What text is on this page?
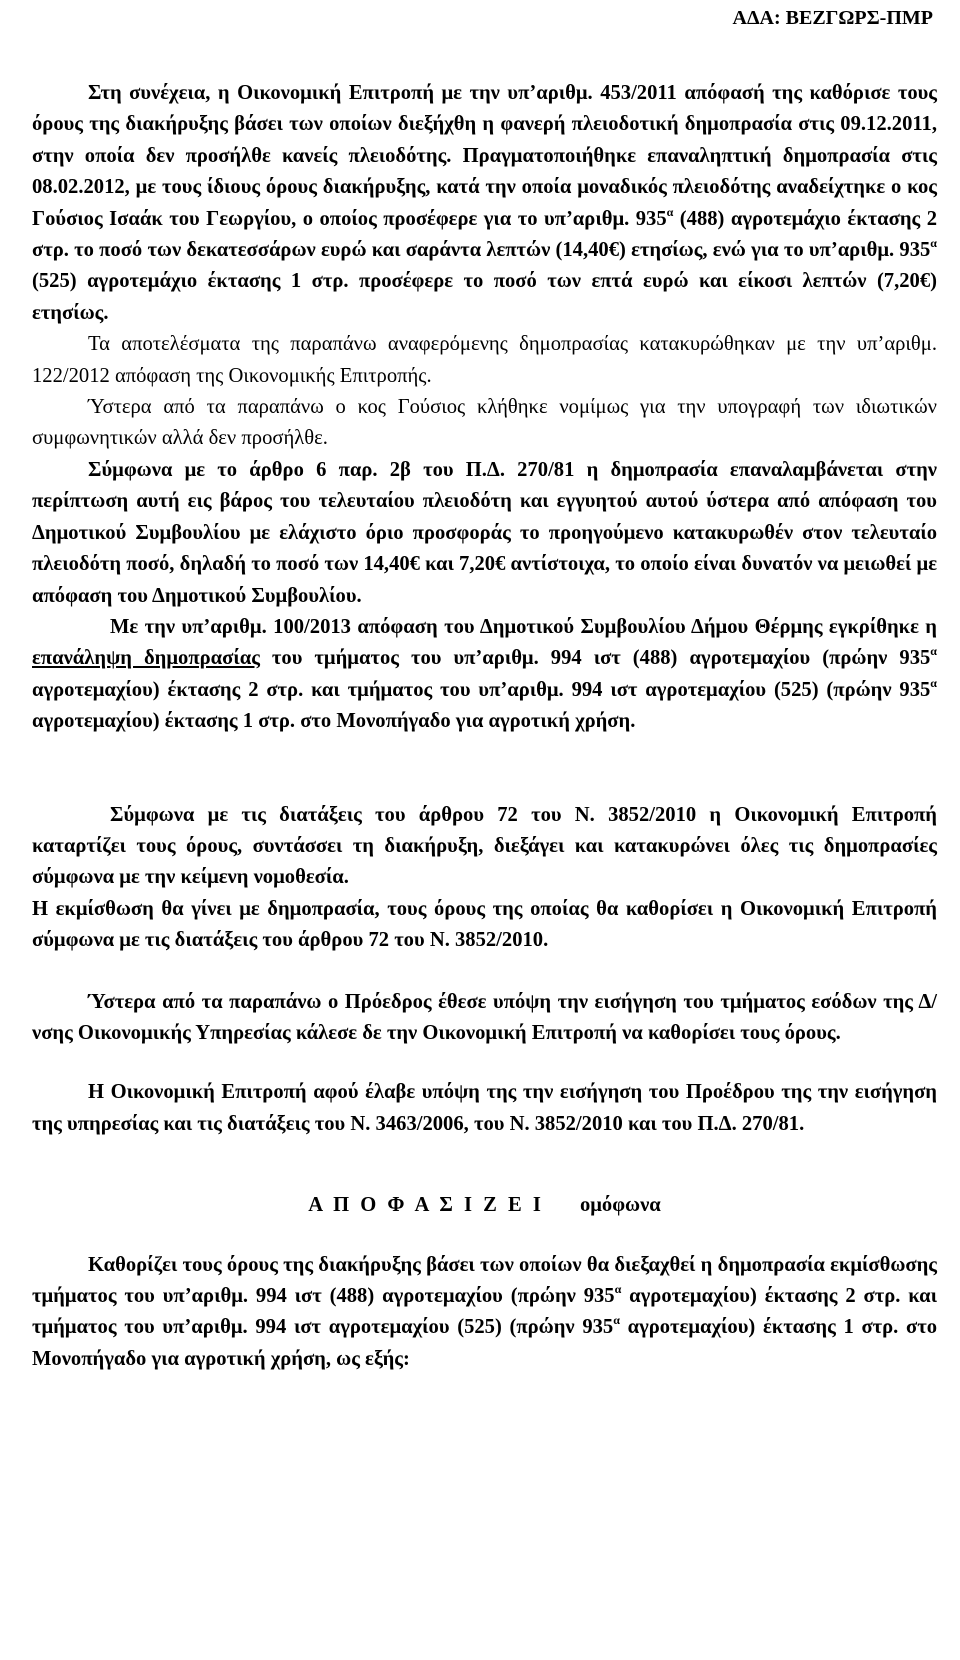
ΑΔΑ: ΒΕΖΓΩΡΣ-ΠΜΡ

Στη συνέχεια, η Οικονομική Επιτροπή με την υπ’αριθμ. 453/2011 απόφασή της καθόρισε τους όρους της διακήρυξης βάσει των οποίων διεξήχθη η φανερή πλειοδοτική δημοπρασία στις 09.12.2011, στην οποία δεν προσήλθε κανείς πλειοδότης. Πραγματοποιήθηκε επαναληπτική δημοπρασία στις 08.02.2012, με τους ίδιους όρους διακήρυξης, κατά την οποία μοναδικός πλειοδότης αναδείχτηκε ο κος Γούσιος Ισαάκ του Γεωργίου, ο οποίος προσέφερε για το υπ’αριθμ. $935^\alpha$ (488) αγροτεμάχιο έκτασης 2 στρ. το ποσό των δεκατεσσάρων ευρώ και σαράντα λεπτών (14,40€) ετησίως, ενώ για το υπ’αριθμ. $935^\alpha$ (525) αγροτεμάχιο έκτασης 1 στρ. προσέφερε το ποσό των επτά ευρώ και είκοσι λεπτών (7,20€) ετησίως.

Τα αποτελέσματα της παραπάνω αναφερόμενης δημοπρασίας κατακυρώθηκαν με την υπ’αριθμ. 122/2012 απόφαση της Οικονομικής Επιτροπής.

Ύστερα από τα παραπάνω ο κος Γούσιος κλήθηκε νομίμως για την υπογραφή των ιδιωτικών συμφωνητικών αλλά δεν προσήλθε.

Σύμφωνα με το άρθρο 6 παρ. 2β του Π.Δ. 270/81 η δημοπρασία επαναλαμβάνεται στην περίπτωση αυτή εις βάρος του τελευταίου πλειοδότη και εγγυητού αυτού ύστερα από απόφαση του Δημοτικού Συμβουλίου με ελάχιστο όριο προσφοράς το προηγούμενο κατακυρωθέν στον τελευταίο πλειοδότη ποσό, δηλαδή το ποσό των 14,40€ και 7,20€ αντίστοιχα, το οποίο είναι δυνατόν να μειωθεί με απόφαση του Δημοτικού Συμβουλίου.

Με την υπ’αριθμ. 100/2013 απόφαση του Δημοτικού Συμβουλίου Δήμου Θέρμης εγκρίθηκε η επανάληψη δημοπρασίας του τμήματος του υπ’αριθμ. 994 ιστ (488) αγροτεμαχίου (πρώην $935^\alpha$ αγροτεμαχίου) έκτασης 2 στρ. και τμήματος του υπ’αριθμ. 994 ιστ αγροτεμαχίου (525) (πρώην $935^\alpha$ αγροτεμαχίου) έκτασης 1 στρ. στο Μονοπήγαδο για αγροτική χρήση.

Σύμφωνα με τις διατάξεις του άρθρου 72 του Ν. 3852/2010 η Οικονομική Επιτροπή καταρτίζει τους όρους, συντάσσει τη διακήρυξη, διεξάγει και κατακυρώνει όλες τις δημοπρασίες σύμφωνα με την κείμενη νομοθεσία.

Η εκμίσθωση θα γίνει με δημοπρασία, τους όρους της οποίας θα καθορίσει η Οικονομική Επιτροπή σύμφωνα με τις διατάξεις του άρθρου 72 του Ν. 3852/2010.

Ύστερα από τα παραπάνω ο Πρόεδρος έθεσε υπόψη την εισήγηση του τμήματος εσόδων της Δ/νσης Οικονομικής Υπηρεσίας κάλεσε δε την Οικονομική Επιτροπή να καθορίσει τους όρους.

Η Οικονομική Επιτροπή αφού έλαβε υπόψη της την εισήγηση του Προέδρου της την εισήγηση της υπηρεσίας και τις διατάξεις του Ν. 3463/2006, του Ν. 3852/2010 και του Π.Δ. 270/81.

Α Π Ο Φ Α Σ Ι Ζ Ε Ι ομόφωνα

Καθορίζει τους όρους της διακήρυξης βάσει των οποίων θα διεξαχθεί η δημοπρασία εκμίσθωσης τμήματος του υπ’αριθμ. 994 ιστ (488) αγροτεμαχίου (πρώην $935^\alpha$ αγροτεμαχίου) έκτασης 2 στρ. και τμήματος του υπ’αριθμ. 994 ιστ αγροτεμαχίου (525) (πρώην $935^\alpha$ αγροτεμαχίου) έκτασης 1 στρ. στο Μονοπήγαδο για αγροτική χρήση, ως εξής:
